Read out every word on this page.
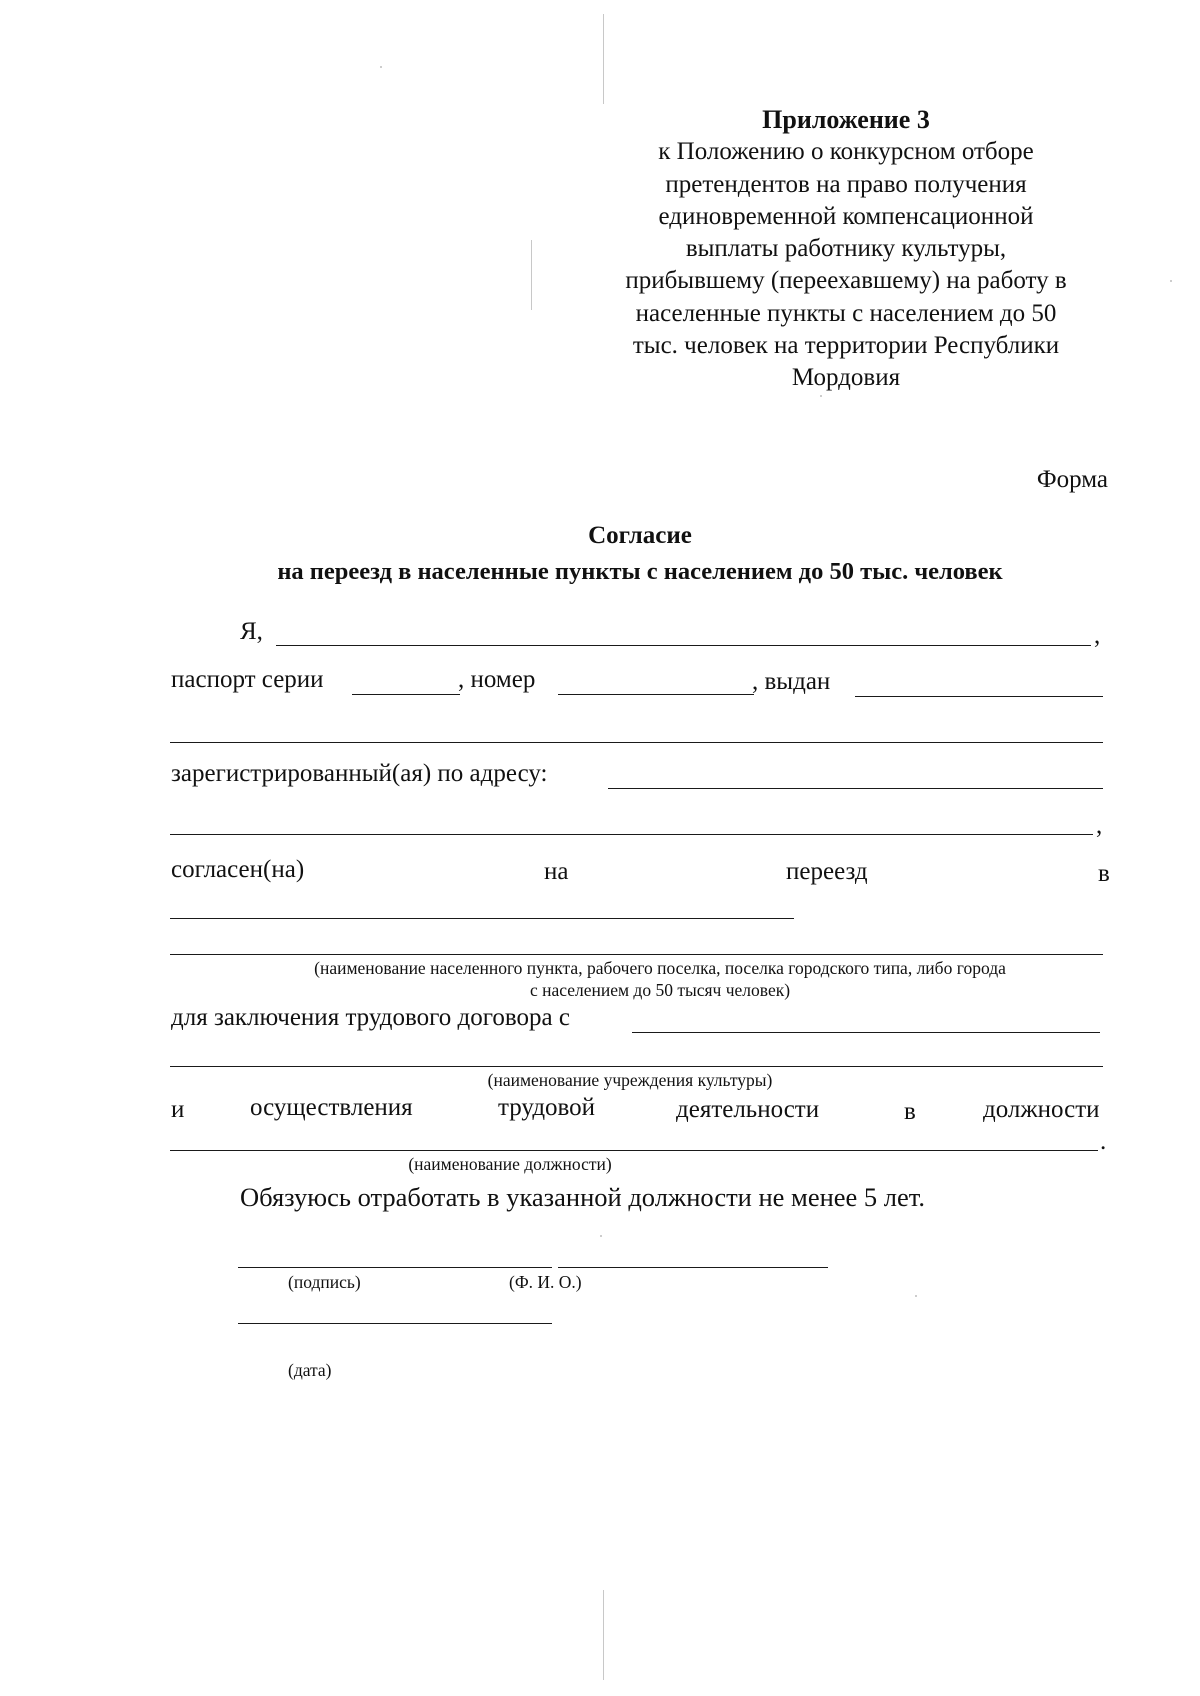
Приложение 3
к Положению о конкурсном отборе
претендентов на право получения
единовременной компенсационной
выплаты работнику культуры,
прибывшему (переехавшему) на работу в
населенные пункты с населением до 50
тыс. человек на территории Республики
Мордовия
Форма
Согласие
на переезд в населенные пункты с населением до 50 тыс. человек
Я,	,
паспорт серии	, номер	, выдан
зарегистрированный(ая) по адресу:
,
согласен(на)	на	переезд	в
(наименование населенного пункта, рабочего поселка, поселка городского типа, либо города
с населением до 50 тысяч человек)
для заключения трудового договора с
(наименование учреждения культуры)
и	осуществления	трудовой	деятельности	в	должности
.
(наименование должности)
Обязуюсь отработать в указанной должности не менее 5 лет.
(подпись)	(Ф. И. О.)
(дата)
